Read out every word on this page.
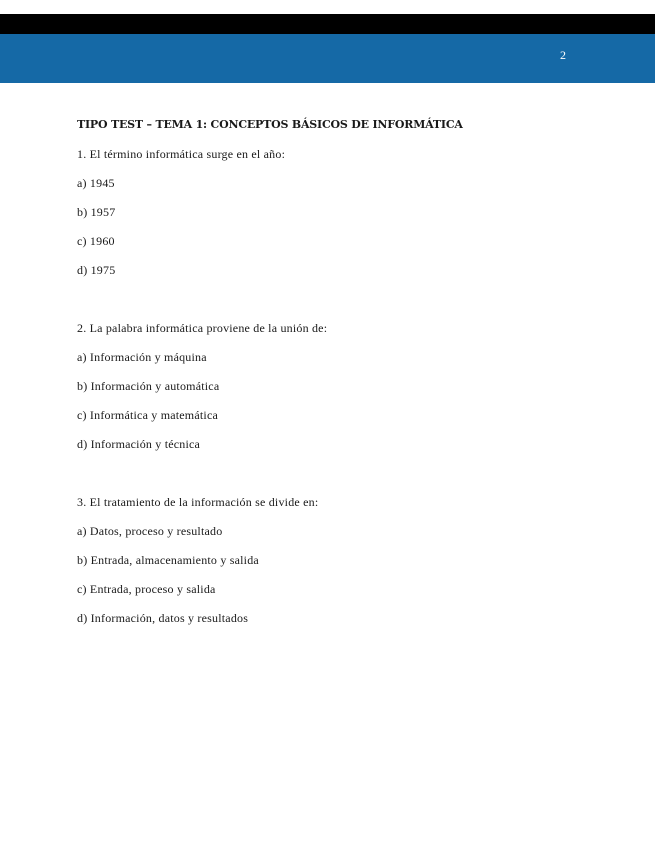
2
TIPO TEST – TEMA 1: CONCEPTOS BÁSICOS DE INFORMÁTICA
1. El término informática surge en el año:
a) 1945
b) 1957
c) 1960
d) 1975
2. La palabra informática proviene de la unión de:
a) Información y máquina
b) Información y automática
c) Informática y matemática
d) Información y técnica
3. El tratamiento de la información se divide en:
a) Datos, proceso y resultado
b) Entrada, almacenamiento y salida
c) Entrada, proceso y salida
d) Información, datos y resultados
